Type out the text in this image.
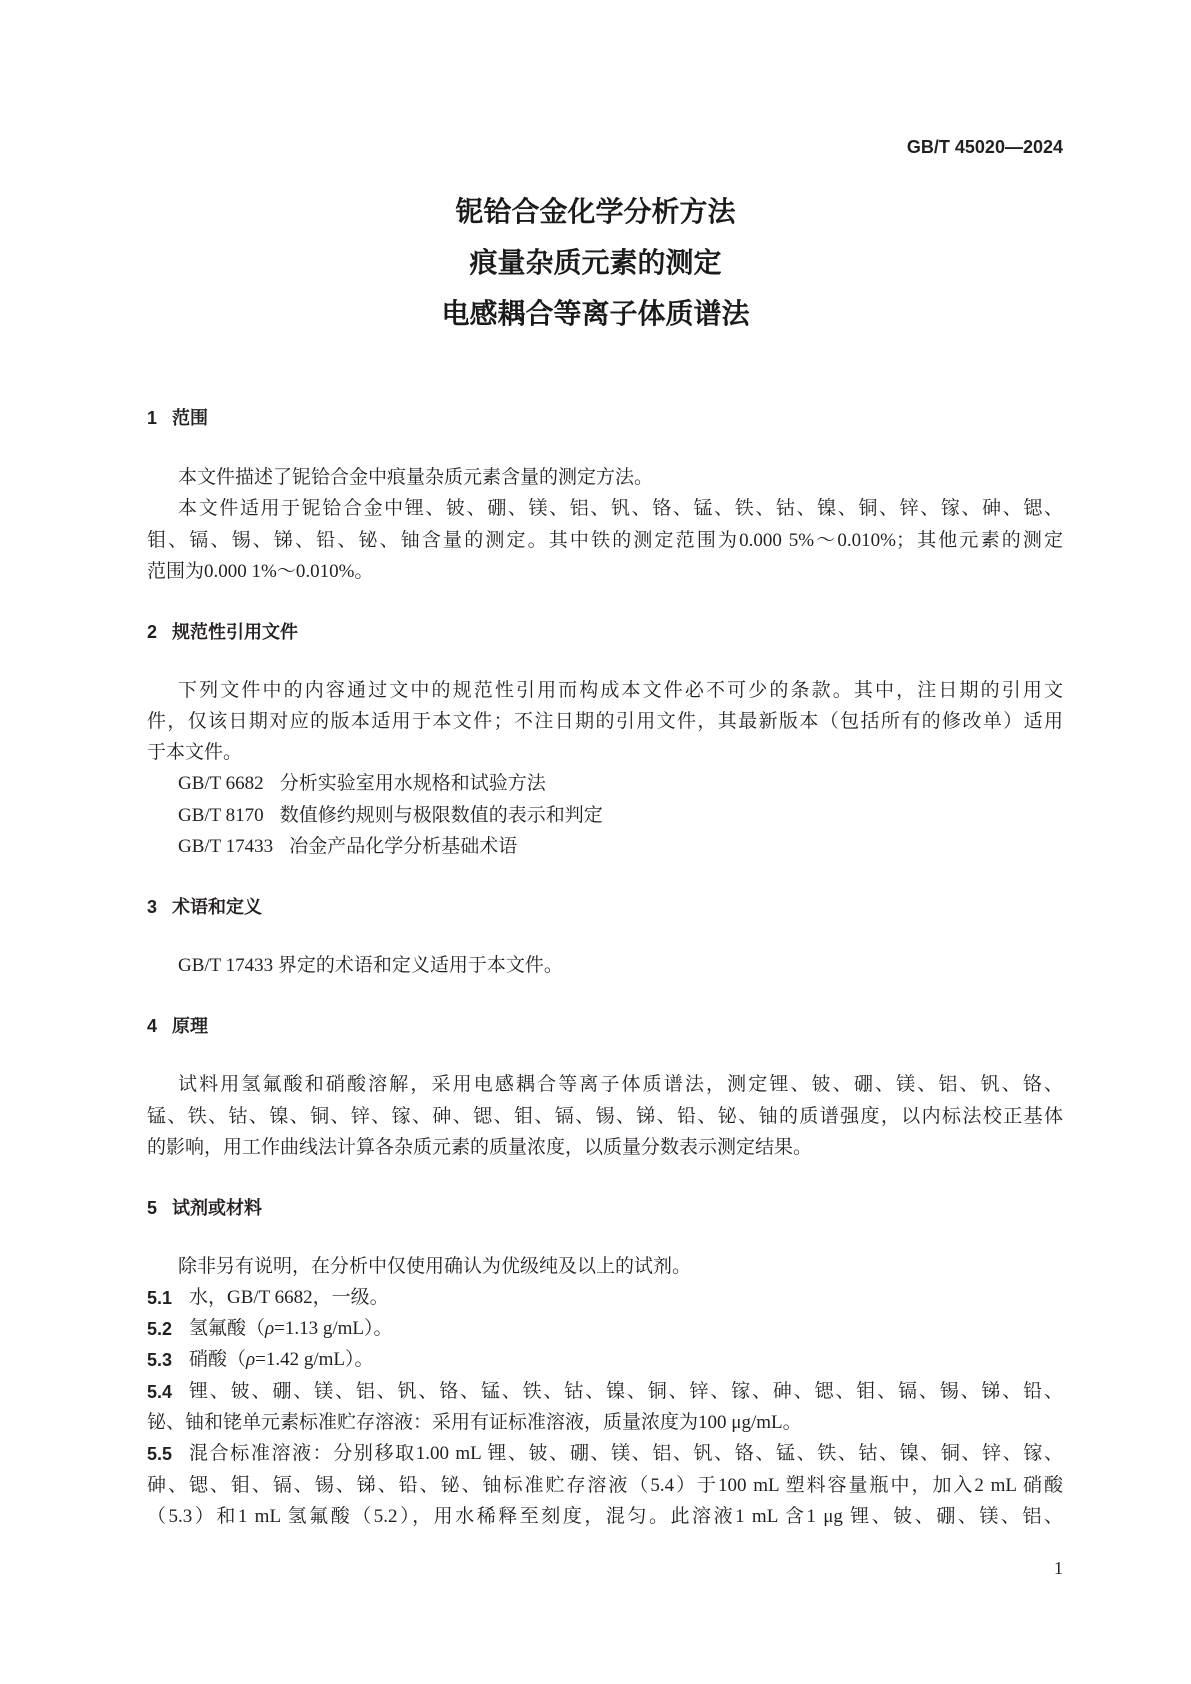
GB/T 45020—2024
铌铪合金化学分析方法
痕量杂质元素的测定
电感耦合等离子体质谱法
1 范围
本文件描述了铌铪合金中痕量杂质元素含量的测定方法。
本文件适用于铌铪合金中锂、铍、硼、镁、铝、钒、铬、锰、铁、钴、镍、铜、锌、镓、砷、锶、
钼、镉、锡、锑、铅、铋、铀含量的测定。其中铁的测定范围为0.000 5%～0.010%；其他元素的测定
范围为0.000 1%～0.010%。
2 规范性引用文件
下列文件中的内容通过文中的规范性引用而构成本文件必不可少的条款。其中，注日期的引用文
件，仅该日期对应的版本适用于本文件；不注日期的引用文件，其最新版本（包括所有的修改单）适用
于本文件。
GB/T 6682 分析实验室用水规格和试验方法
GB/T 8170 数值修约规则与极限数值的表示和判定
GB/T 17433 冶金产品化学分析基础术语
3 术语和定义
GB/T 17433 界定的术语和定义适用于本文件。
4 原理
试料用氢氟酸和硝酸溶解，采用电感耦合等离子体质谱法，测定锂、铍、硼、镁、铝、钒、铬、
锰、铁、钴、镍、铜、锌、镓、砷、锶、钼、镉、锡、锑、铅、铋、铀的质谱强度，以内标法校正基体
的影响，用工作曲线法计算各杂质元素的质量浓度，以质量分数表示测定结果。
5 试剂或材料
除非另有说明，在分析中仅使用确认为优级纯及以上的试剂。
5.1 水，GB/T 6682，一级。
5.2 氢氟酸（ρ=1.13 g/mL）。
5.3 硝酸（ρ=1.42 g/mL）。
5.4 锂、铍、硼、镁、铝、钒、铬、锰、铁、钴、镍、铜、锌、镓、砷、锶、钼、镉、锡、锑、铅、
铋、铀和铑单元素标准贮存溶液：采用有证标准溶液，质量浓度为100 μg/mL。
5.5 混合标准溶液：分别移取1.00 mL 锂、铍、硼、镁、铝、钒、铬、锰、铁、钴、镍、铜、锌、镓、
砷、锶、钼、镉、锡、锑、铅、铋、铀标准贮存溶液（5.4）于100 mL 塑料容量瓶中，加入2 mL 硝酸
（5.3）和1 mL 氢氟酸（5.2），用水稀释至刻度，混匀。此溶液1 mL 含1 μg 锂、铍、硼、镁、铝、
1
